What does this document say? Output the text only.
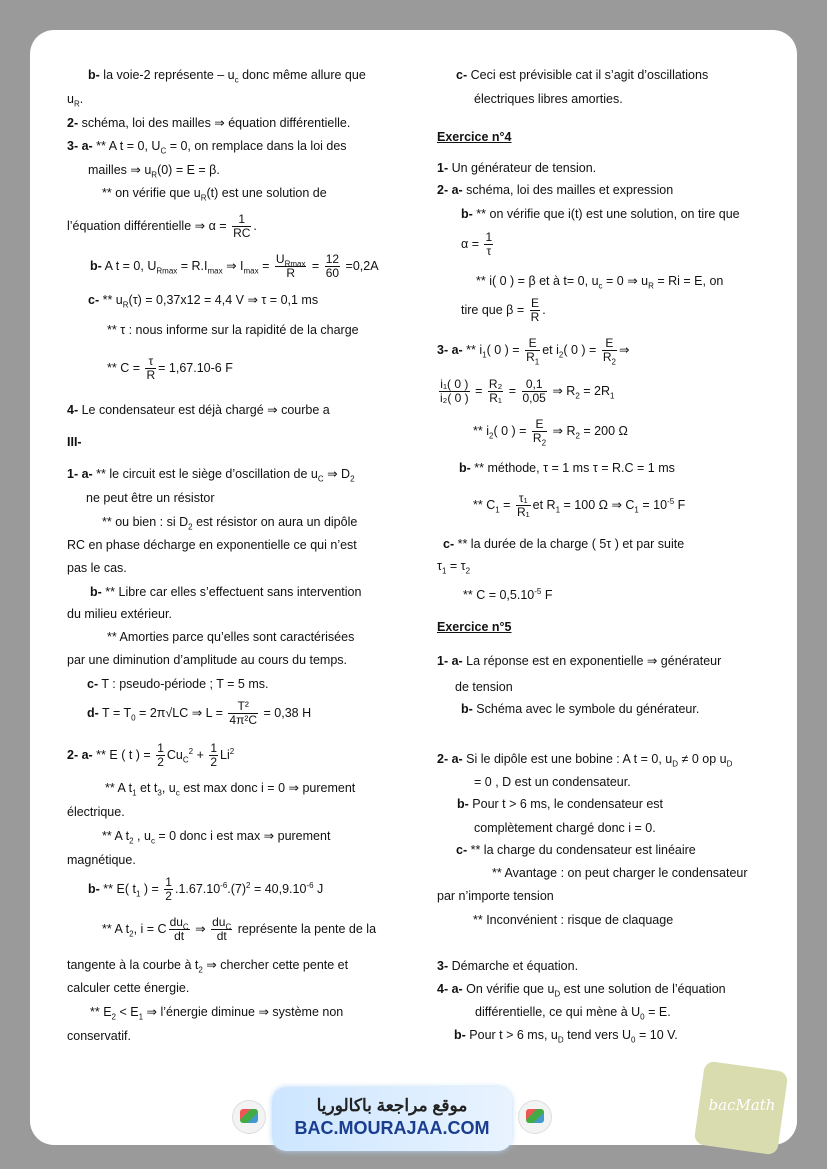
b- la voie-2 représente – $u_c$ donc même allure que
$u_R$.
2- schéma, loi des mailles ⇒ équation différentielle.
3- a- ** A t = 0, $U_C = 0$, on remplace dans la loi des
mailles ⇒ $u_R(0) = E = \beta$.
** on vérifie que $u_R(t)$ est une solution de
l’équation différentielle ⇒ $\alpha = \frac{1}{RC}$ .
b- A t = 0, $U_{Rmax} = R.I_{max}$ ⇒ $I_{max} = \frac{U_{Rmax}}{R} = \frac{12}{60} =0,2A$
$c- ** u_R(\tau) = 0,37x12 = 4,4$ V ⇒ τ = 0,1 ms
** τ : nous informe sur la rapidité de la charge
** $C = \frac{\tau}{R} = 1,67.10-6$ F
4- Le condensateur est déjà chargé ⇒ courbe a
III-
1- a- ** le circuit est le siège d’oscillation de $u_C$ ⇒ $D_2$
ne peut être un résistor
** ou bien : si $D_2$ est résistor on aura un dipôle
RC en phase décharge en exponentielle ce qui n’est
pas le cas.
b- ** Libre car elles s’effectuent sans intervention
du milieu extérieur.
** Amorties parce qu’elles sont caractérisées
par une diminution d’amplitude au cours du temps.
c- T : pseudo-période ; T = 5 ms.
d- $T = T_0 = 2\pi√LC$ ⇒ $L = \frac{\text{T²}}{\text{4π²C}} = 0,38$ H
2- a- ** E ( t ) = $\frac{1}{2} Cu_C^2 + \frac{1}{2} Li^2$
** A $t_1$ et $t_3$, $u_c$ est max donc i = 0 ⇒ purement
électrique.
** A $t_2$ , $u_c = 0$ donc i est max ⇒ purement
magnétique.
b- ** E( $t_1$ ) = $\frac{1}{2} .1.67.10^{-6}.(7)^2 = 40,9.10^{-6}$ J
** A $t_2$, i = C $\frac{du_C}{dt}$ ⇒ $\frac{du_C}{dt}$ représente la pente de la
tangente à la courbe à $t_2$ ⇒ chercher cette pente et
calculer cette énergie.
** $E_2 < E_1$ ⇒ l’énergie diminue ⇒ système non
conservatif.
c- Ceci est prévisible cat il s’agit d’oscillations
électriques libres amorties.
Exercice n°4
1- Un générateur de tension.
2- a- schéma, loi des mailles et expression
b- ** on vérifie que i(t) est une solution, on tire que
$\alpha = \frac{1}{\tau}$
** i( 0 ) = β et à t= 0, $u_c = 0$ ⇒ $u_R = Ri = E$, on
tire que $\beta = \frac{E}{R}$ .
3- $a- ** i_1$( 0 ) = $\frac{E}{R_1}$ et $i_2$( 0 ) = $\frac{E}{R_2}$ ⇒
$\frac{\text{i₁( 0 )}}{\text{i₂( 0 )}} = \frac{\text{R₂}}{\text{R₁}} = \frac{0,1}{0,05}$ ⇒ $R_2 = 2R_1$
** $i_2$( 0 ) = $\frac{E}{R_2}$ ⇒ $R_2 = 200$ Ω
b- ** méthode, τ = 1 ms τ = R.C = 1 ms
** $C_1 = \frac{\text{τ₁}}{\text{R₁}}$ et $R_1 = 100$ Ω ⇒ $C_1 = 10^{-5}$ F
c- ** la durée de la charge ( 5τ ) et par suite
$\tau_1 = \tau_2$
** $C = 0,5.10^{-5}$ F
Exercice n°5
1- a- La réponse est en exponentielle ⇒ générateur
de tension
b- Schéma avec le symbole du générateur.
2- a- Si le dipôle est une bobine : A t = 0, $u_D \ne 0$ op $u_D$
= 0 , D est un condensateur.
b- Pour t > 6 ms, le condensateur est
complètement chargé donc i = 0.
c- ** la charge du condensateur est linéaire
** Avantage : on peut charger le condensateur
par n’importe tension
** Inconvénient : risque de claquage
3- Démarche et équation.
4- a- On vérifie que $u_D$ est une solution de l’équation
différentielle, ce qui mène à $U_0 = E$.
b- Pour t > 6 ms, $u_D$ tend vers $U_0 = 10$ V.
موقع مراجعة باكالوريا
BAC.MOURAJAA.COM
bacMath
